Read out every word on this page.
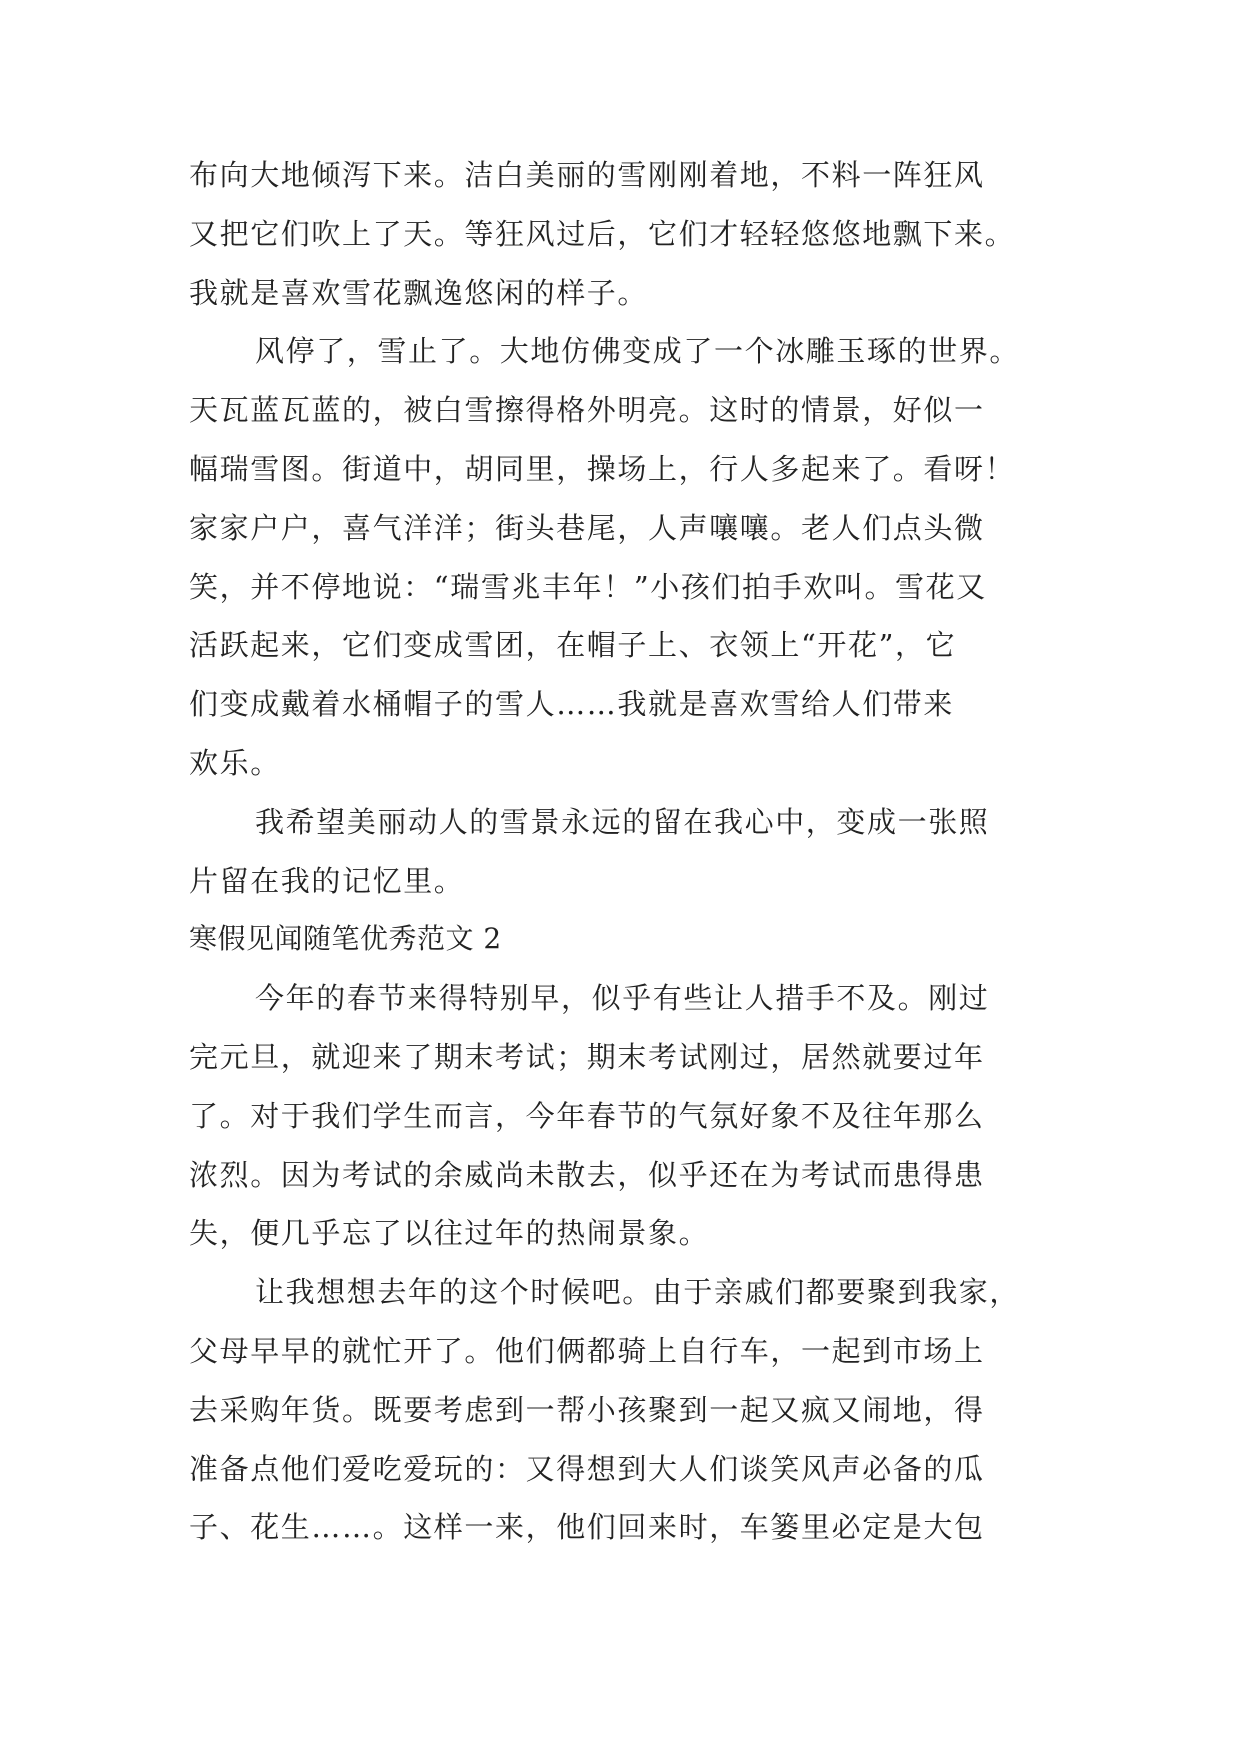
布向大地倾泻下来。洁白美丽的雪刚刚着地，不料一阵狂风
又把它们吹上了天。等狂风过后，它们才轻轻悠悠地飘下来。
我就是喜欢雪花飘逸悠闲的样子。
风停了，雪止了。大地仿佛变成了一个冰雕玉琢的世界。
天瓦蓝瓦蓝的，被白雪擦得格外明亮。这时的情景，好似一
幅瑞雪图。街道中，胡同里，操场上，行人多起来了。看呀！
家家户户，喜气洋洋；街头巷尾，人声嚷嚷。老人们点头微
笑，并不停地说：“瑞雪兆丰年！”小孩们拍手欢叫。雪花又
活跃起来，它们变成雪团，在帽子上、衣领上“开花”，它
们变成戴着水桶帽子的雪人……我就是喜欢雪给人们带来
欢乐。
我希望美丽动人的雪景永远的留在我心中，变成一张照
片留在我的记忆里。
寒假见闻随笔优秀范文 2
今年的春节来得特别早，似乎有些让人措手不及。刚过
完元旦，就迎来了期末考试；期末考试刚过，居然就要过年
了。对于我们学生而言，今年春节的气氛好象不及往年那么
浓烈。因为考试的余威尚未散去，似乎还在为考试而患得患
失，便几乎忘了以往过年的热闹景象。
让我想想去年的这个时候吧。由于亲戚们都要聚到我家，
父母早早的就忙开了。他们俩都骑上自行车，一起到市场上
去采购年货。既要考虑到一帮小孩聚到一起又疯又闹地，得
准备点他们爱吃爱玩的：又得想到大人们谈笑风声必备的瓜
子、花生……。这样一来，他们回来时，车篓里必定是大包
